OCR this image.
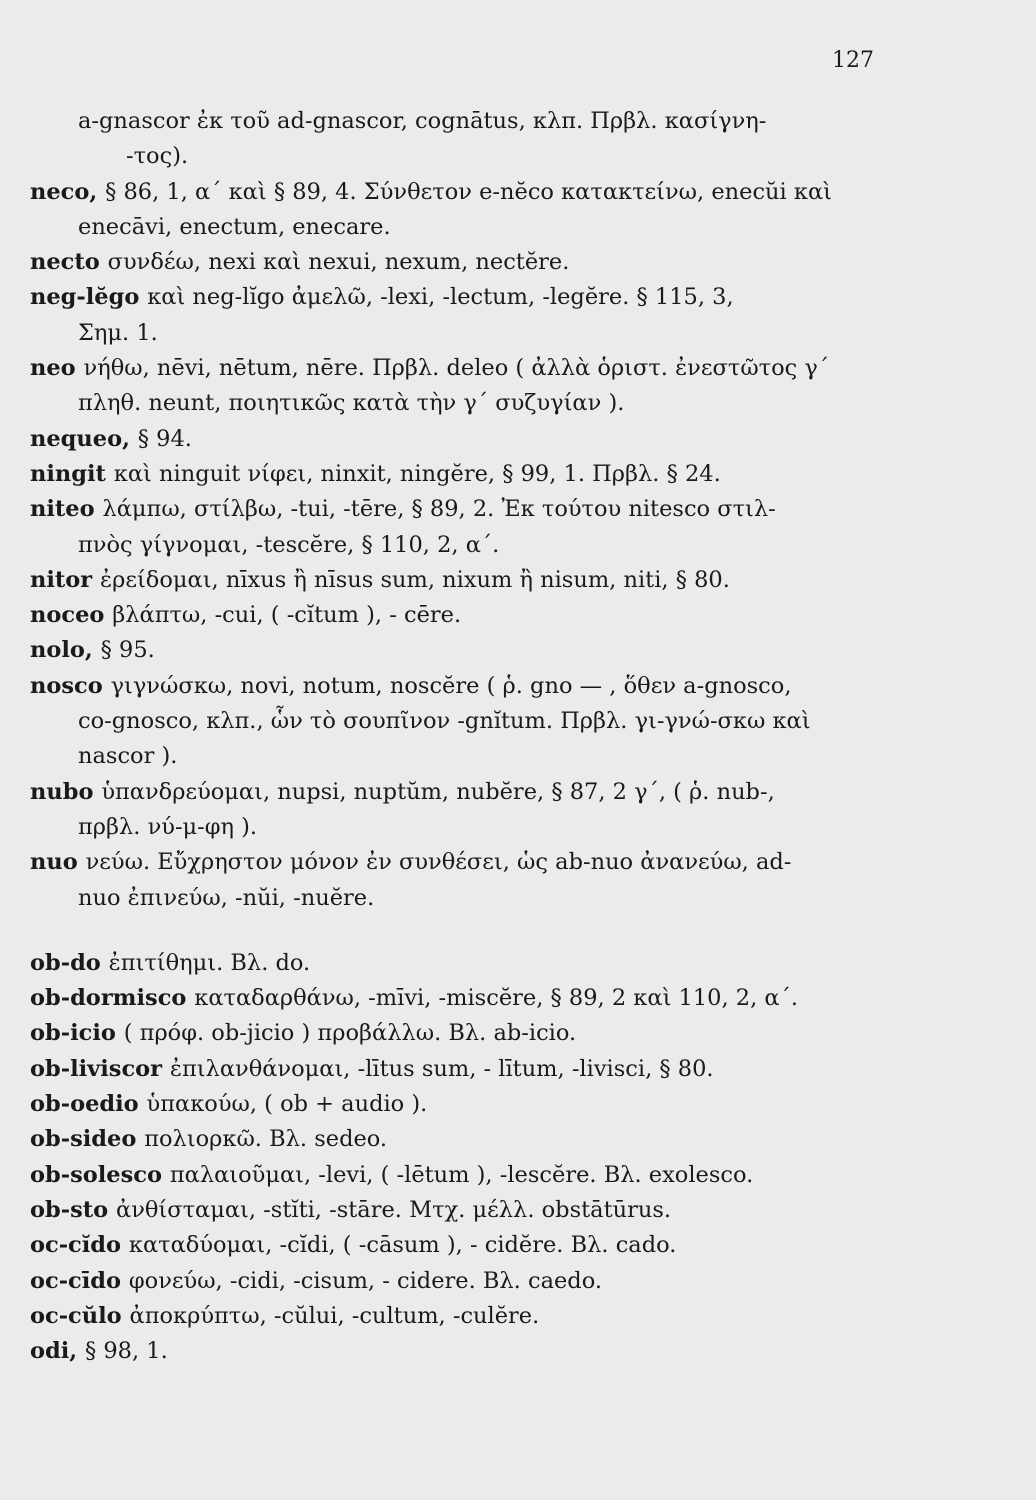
127
a-gnascor ἐκ τοῦ ad-gnascor, cognātus, κλπ. Πρβλ. κασίγνη-
-τος).
neco, § 86, 1, α΄ καὶ § 89, 4. Σύνθετον e-nĕco κατακτείνω, enecŭi καὶ
enecāvi, enectum, enecare.
necto συνδέω, nexi καὶ nexui, nexum, nectĕre.
neg-lĕgo καὶ neg-lĭgo ἀμελῶ, -lexi, -lectum, -legĕre. § 115, 3,
Σημ. 1.
neo νήθω, nēvi, nētum, nēre. Πρβλ. deleo ( ἀλλὰ ὁριστ. ἐνεστῶτος γ΄
πληθ. neunt, ποιητικῶς κατὰ τὴν γ΄ συζυγίαν ).
nequeo, § 94.
ningit καὶ ninguit νίφει, ninxit, ningĕre, § 99, 1. Πρβλ. § 24.
niteo λάμπω, στίλβω, -tui, -tēre, § 89, 2. Ἐκ τούτου nitesco στιλ-
πνὸς γίγνομαι, -tescĕre, § 110, 2, α΄.
nitor ἐρείδομαι, nīxus ἢ nīsus sum, nixum ἢ nisum, niti, § 80.
noceo βλάπτω, -cui, ( -cĭtum ), - cēre.
nolo, § 95.
nosco γιγνώσκω, novi, notum, noscĕre ( ῥ. gno — , ὅθεν a-gnosco,
co-gnosco, κλπ., ὧν τὸ σουπῖνον -gnĭtum. Πρβλ. γι-γνώ-σκω καὶ
nascor ).
nubo ὑπανδρεύομαι, nupsi, nuptŭm, nubĕre, § 87, 2 γ΄, ( ῥ. nub-,
πρβλ. νύ-μ-φη ).
nuo νεύω. Εὔχρηστον μόνον ἐν συνθέσει, ὡς ab-nuo ἀνανεύω, ad-
nuo ἐπινεύω, -nŭi, -nuĕre.
ob-do ἐπιτίθημι. Βλ. do.
ob-dormisco καταδαρθάνω, -mīvi, -miscĕre, § 89, 2 καὶ 110, 2, α΄.
ob-icio ( πρόφ. ob-jicio ) προβάλλω. Βλ. ab-icio.
ob-liviscor ἐπιλανθάνομαι, -lītus sum, - lītum, -livisci, § 80.
ob-oedio ὑπακούω, ( ob + audio ).
ob-sideo πολιορκῶ. Βλ. sedeo.
ob-solesco παλαιοῦμαι, -levi, ( -lētum ), -lescĕre. Βλ. exolesco.
ob-sto ἀνθίσταμαι, -stĭti, -stāre. Μτχ. μέλλ. obstātūrus.
oc-cĭdo καταδύομαι, -cĭdi, ( -cāsum ), - cidĕre. Βλ. cado.
oc-cīdo φονεύω, -cidi, -cisum, - cidere. Βλ. caedo.
oc-cŭlo ἀποκρύπτω, -cŭlui, -cultum, -culĕre.
odi, § 98, 1.
